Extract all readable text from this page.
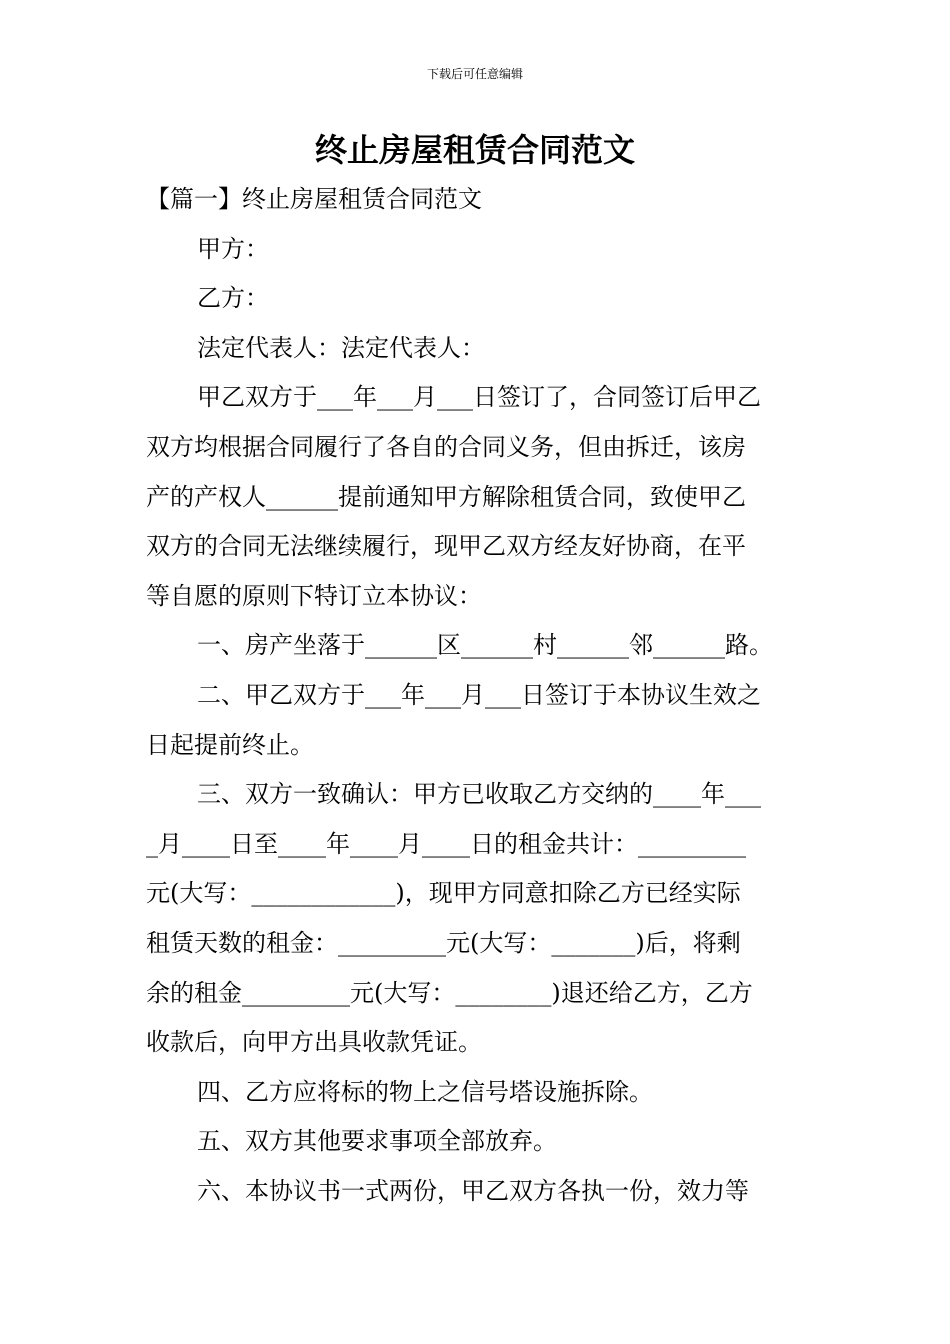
下载后可任意编辑
终止房屋租赁合同范文
【篇一】终止房屋租赁合同范文
甲方：
乙方：
法定代表人：法定代表人：
甲乙双方于___年___月___日签订了，合同签订后甲乙
双方均根据合同履行了各自的合同义务，但由拆迁，该房
产的产权人______提前通知甲方解除租赁合同，致使甲乙
双方的合同无法继续履行，现甲乙双方经友好协商，在平
等自愿的原则下特订立本协议：
一、房产坐落于______区______村______邻______路。
二、甲乙双方于___年___月___日签订于本协议生效之
日起提前终止。
三、双方一致确认：甲方已收取乙方交纳的____年___
_月____日至____年____月____日的租金共计：_________
元(大写：____________)，现甲方同意扣除乙方已经实际
租赁天数的租金：_________元(大写：_______)后，将剩
余的租金_________元(大写：________)退还给乙方，乙方
收款后，向甲方出具收款凭证。
四、乙方应将标的物上之信号塔设施拆除。
五、双方其他要求事项全部放弃。
六、本协议书一式两份，甲乙双方各执一份，效力等
